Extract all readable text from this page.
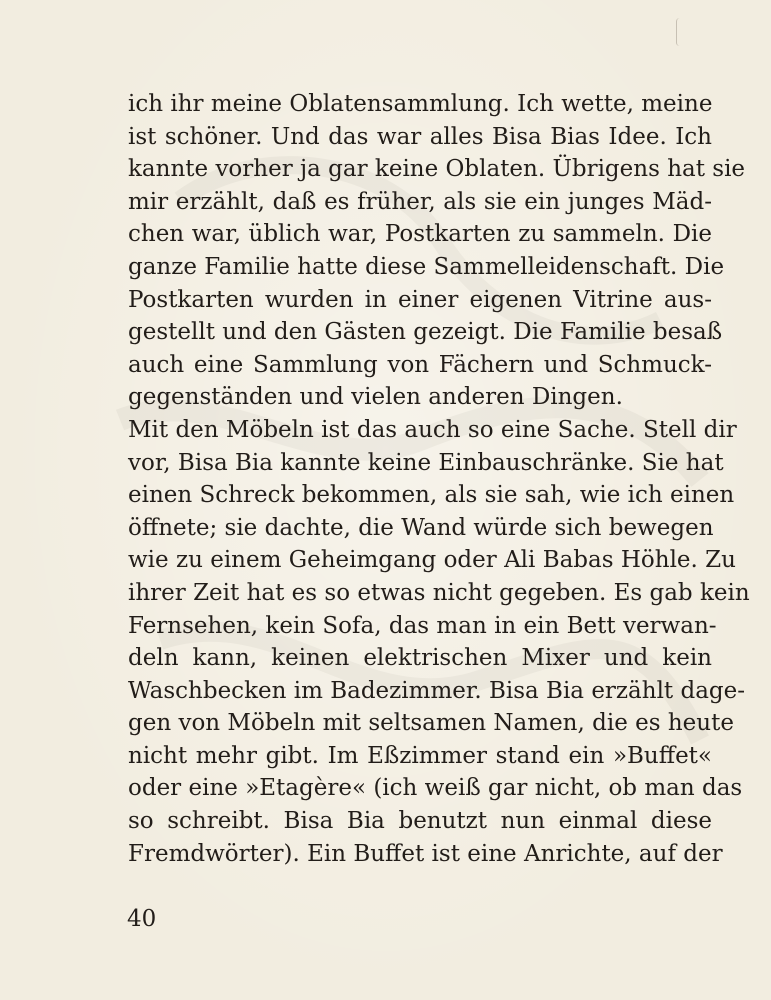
ich ihr meine Oblatensammlung. Ich wette, meine
ist schöner. Und das war alles Bisa Bias Idee. Ich
kannte vorher ja gar keine Oblaten. Übrigens hat sie
mir erzählt, daß es früher, als sie ein junges Mäd-
chen war, üblich war, Postkarten zu sammeln. Die
ganze Familie hatte diese Sammelleidenschaft. Die
Postkarten wurden in einer eigenen Vitrine aus-
gestellt und den Gästen gezeigt. Die Familie besaß
auch eine Sammlung von Fächern und Schmuck-
gegenständen und vielen anderen Dingen.
Mit den Möbeln ist das auch so eine Sache. Stell dir
vor, Bisa Bia kannte keine Einbauschränke. Sie hat
einen Schreck bekommen, als sie sah, wie ich einen
öffnete; sie dachte, die Wand würde sich bewegen
wie zu einem Geheimgang oder Ali Babas Höhle. Zu
ihrer Zeit hat es so etwas nicht gegeben. Es gab kein
Fernsehen, kein Sofa, das man in ein Bett verwan-
deln kann, keinen elektrischen Mixer und kein
Waschbecken im Badezimmer. Bisa Bia erzählt dage-
gen von Möbeln mit seltsamen Namen, die es heute
nicht mehr gibt. Im Eßzimmer stand ein »Buffet«
oder eine »Etagère« (ich weiß gar nicht, ob man das
so schreibt. Bisa Bia benutzt nun einmal diese
Fremdwörter). Ein Buffet ist eine Anrichte, auf der
40
